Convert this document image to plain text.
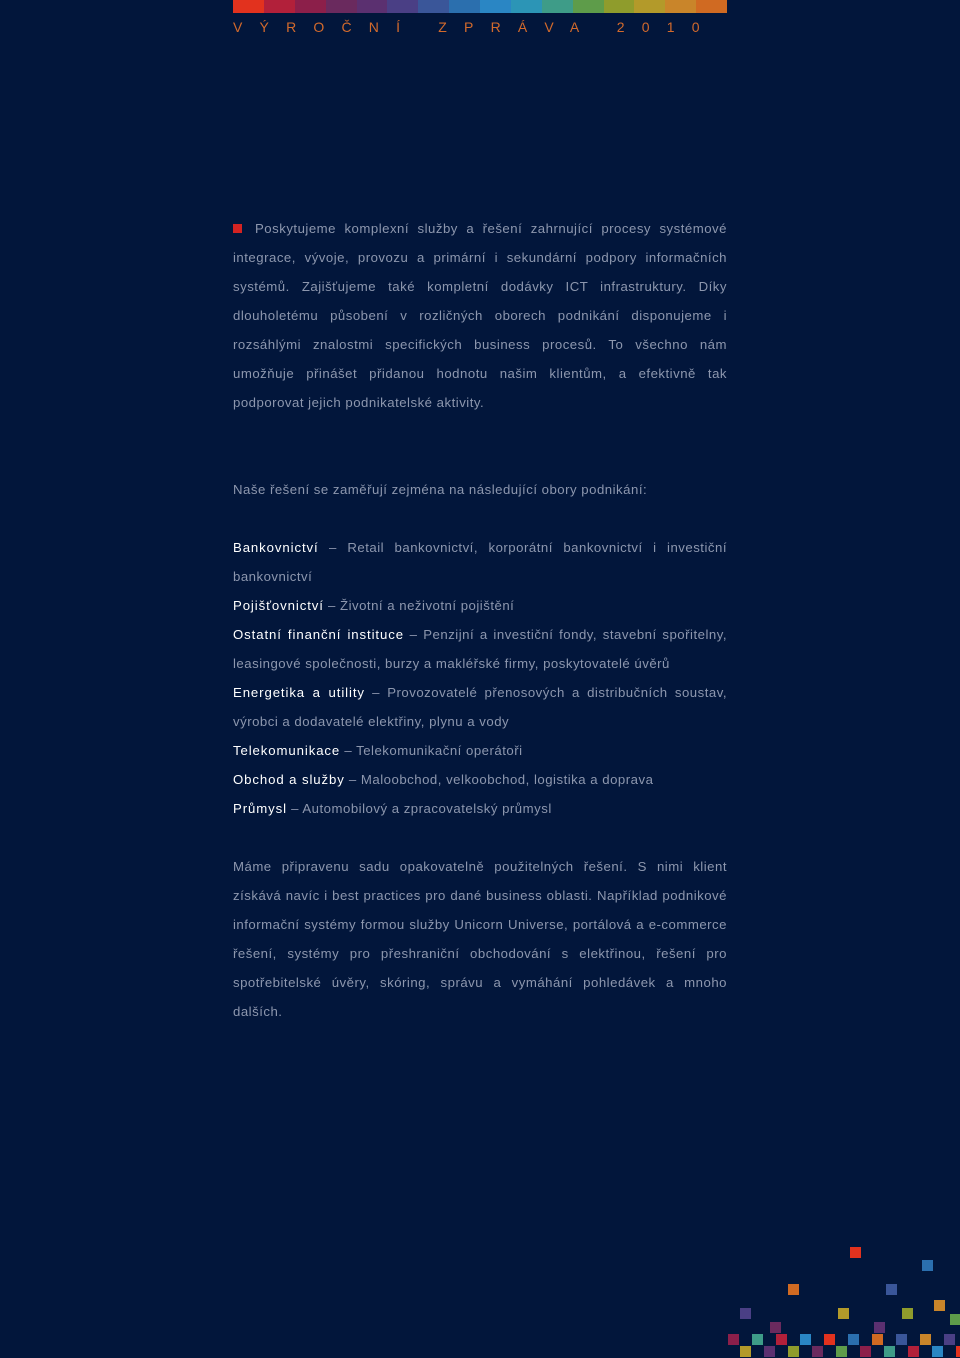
VÝROČNÍ ZPRÁVA 2010

Poskytujeme komplexní služby a řešení zahrnující procesy systémové integrace, vývoje, provozu a primární i sekundární podpory informačních systémů. Zajišťujeme také kompletní dodávky ICT infrastruktury. Díky dlouholetému působení v rozličných oborech podnikání disponujeme i rozsáhlými znalostmi specifických business procesů. To všechno nám umožňuje přinášet přidanou hodnotu našim klientům, a efektivně tak podporovat jejich podnikatelské aktivity.

Naše řešení se zaměřují zejména na následující obory podnikání:

Bankovnictví – Retail bankovnictví, korporátní bankovnictví i investiční bankovnictví

Pojišťovnictví – Životní a neživotní pojištění

Ostatní finanční instituce – Penzijní a investiční fondy, stavební spořitelny, leasingové společnosti, burzy a makléřské firmy, poskytovatelé úvěrů

Energetika a utility – Provozovatelé přenosových a distribučních soustav, výrobci a dodavatelé elektřiny, plynu a vody

Telekomunikace – Telekomunikační operátoři

Obchod a služby – Maloobchod, velkoobchod, logistika a doprava

Průmysl – Automobilový a zpracovatelský průmysl

Máme připravenu sadu opakovatelně použitelných řešení. S nimi klient získává navíc i best practices pro dané business oblasti. Například podnikové informační systémy formou služby Unicorn Universe, portálová a e-commerce řešení, systémy pro přeshraniční obchodování s elektřinou, řešení pro spotřebitelské úvěry, skóring, správu a vymáhání pohledávek a mnoho dalších.
